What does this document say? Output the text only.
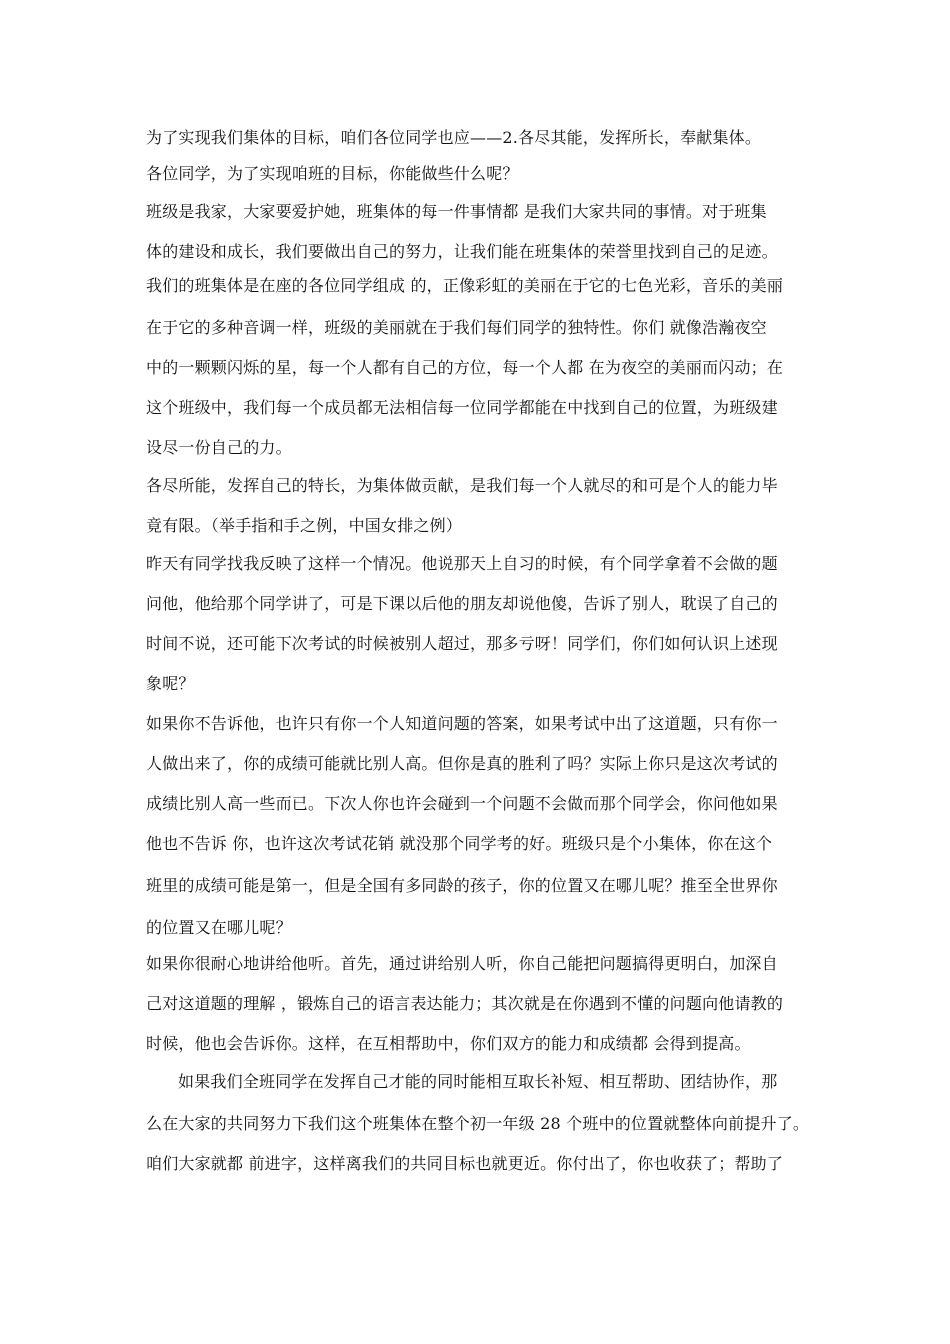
为了实现我们集体的目标，咱们各位同学也应——2.各尽其能，发挥所长，奉献集体。
各位同学，为了实现咱班的目标，你能做些什么呢？
班级是我家，大家要爱护她，班集体的每一件事情都 是我们大家共同的事情。对于班集
体的建设和成长，我们要做出自己的努力，让我们能在班集体的荣誉里找到自己的足迹。
我们的班集体是在座的各位同学组成 的，正像彩虹的美丽在于它的七色光彩，音乐的美丽
在于它的多种音调一样，班级的美丽就在于我们每们同学的独特性。你们 就像浩瀚夜空
中的一颗颗闪烁的星，每一个人都有自己的方位，每一个人都 在为夜空的美丽而闪动；在
这个班级中，我们每一个成员都无法相信每一位同学都能在中找到自己的位置，为班级建
设尽一份自己的力。
各尽所能，发挥自己的特长，为集体做贡献，是我们每一个人就尽的和可是个人的能力毕
竟有限。（举手指和手之例，中国女排之例）
昨天有同学找我反映了这样一个情况。他说那天上自习的时候，有个同学拿着不会做的题
问他，他给那个同学讲了，可是下课以后他的朋友却说他傻，告诉了别人，耽误了自己的
时间不说，还可能下次考试的时候被别人超过，那多亏呀！同学们，你们如何认识上述现
象呢？
如果你不告诉他，也许只有你一个人知道问题的答案，如果考试中出了这道题，只有你一
人做出来了，你的成绩可能就比别人高。但你是真的胜利了吗？实际上你只是这次考试的
成绩比别人高一些而已。下次人你也许会碰到一个问题不会做而那个同学会，你问他如果
他也不告诉 你，也许这次考试花销 就没那个同学考的好。班级只是个小集体，你在这个
班里的成绩可能是第一，但是全国有多同龄的孩子，你的位置又在哪儿呢？推至全世界你
的位置又在哪儿呢？
如果你很耐心地讲给他听。首先，通过讲给别人听，你自己能把问题搞得更明白，加深自
己对这道题的理解 ，锻炼自己的语言表达能力；其次就是在你遇到不懂的问题向他请教的
时候，他也会告诉你。这样，在互相帮助中，你们双方的能力和成绩都 会得到提高。
如果我们全班同学在发挥自己才能的同时能相互取长补短、相互帮助、团结协作，那
么在大家的共同努力下我们这个班集体在整个初一年级 28 个班中的位置就整体向前提升了。
咱们大家就都 前进字，这样离我们的共同目标也就更近。你付出了，你也收获了；帮助了
